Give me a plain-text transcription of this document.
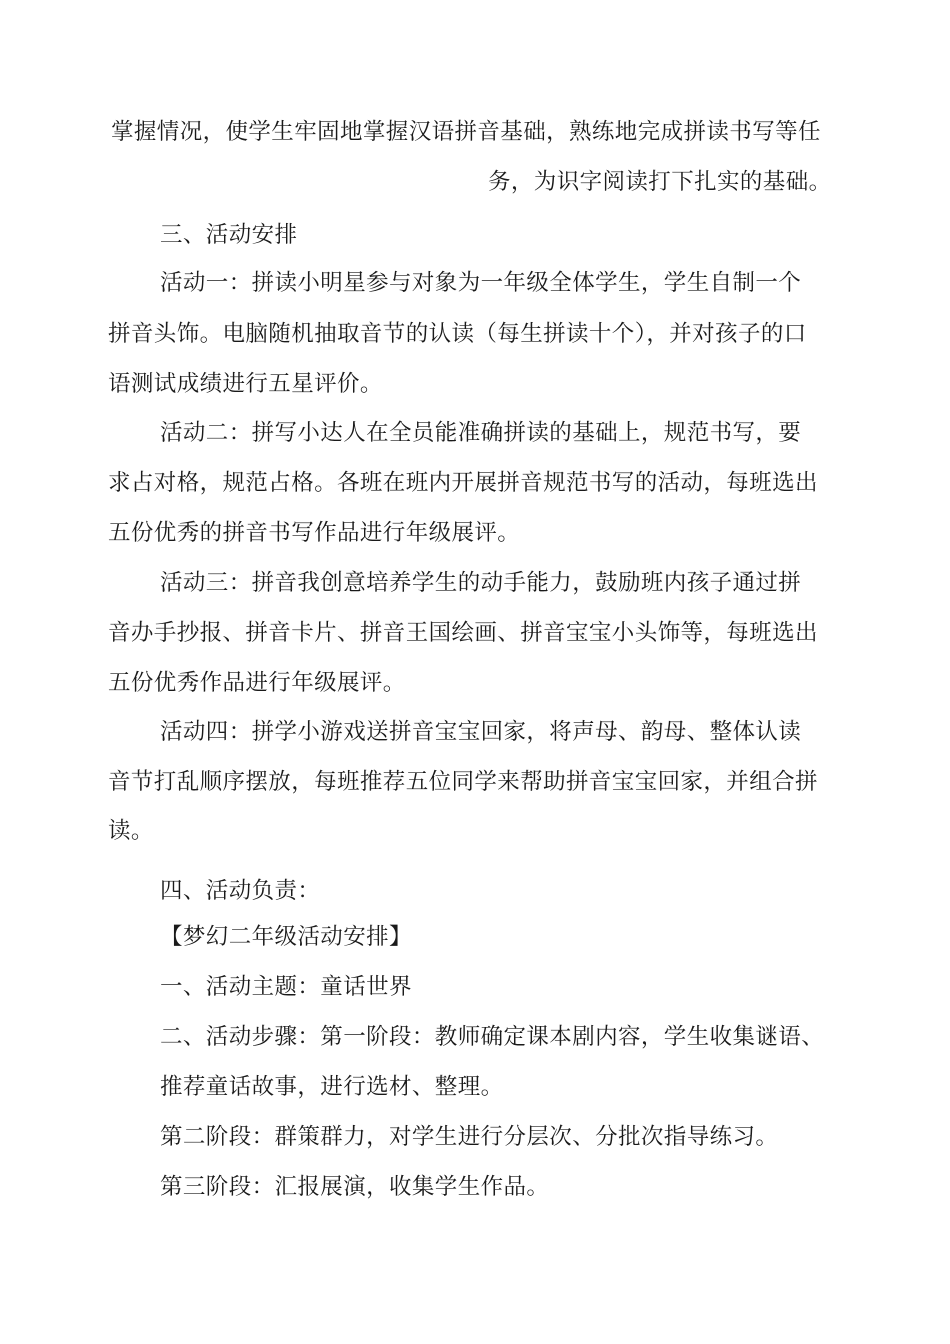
掌握情况，使学生牢固地掌握汉语拼音基础，熟练地完成拼读书写等任
务，为识字阅读打下扎实的基础。
三、活动安排
活动一：拼读小明星参与对象为一年级全体学生，学生自制一个
拼音头饰。电脑随机抽取音节的认读（每生拼读十个），并对孩子的口
语测试成绩进行五星评价。
活动二：拼写小达人在全员能准确拼读的基础上，规范书写，要
求占对格，规范占格。各班在班内开展拼音规范书写的活动，每班选出
五份优秀的拼音书写作品进行年级展评。
活动三：拼音我创意培养学生的动手能力，鼓励班内孩子通过拼
音办手抄报、拼音卡片、拼音王国绘画、拼音宝宝小头饰等，每班选出
五份优秀作品进行年级展评。
活动四：拼学小游戏送拼音宝宝回家，将声母、韵母、整体认读
音节打乱顺序摆放，每班推荐五位同学来帮助拼音宝宝回家，并组合拼
读。
四、活动负责：
【梦幻二年级活动安排】
一、活动主题：童话世界
二、活动步骤：第一阶段：教师确定课本剧内容，学生收集谜语、
推荐童话故事，进行选材、整理。
第二阶段：群策群力，对学生进行分层次、分批次指导练习。
第三阶段：汇报展演，收集学生作品。
